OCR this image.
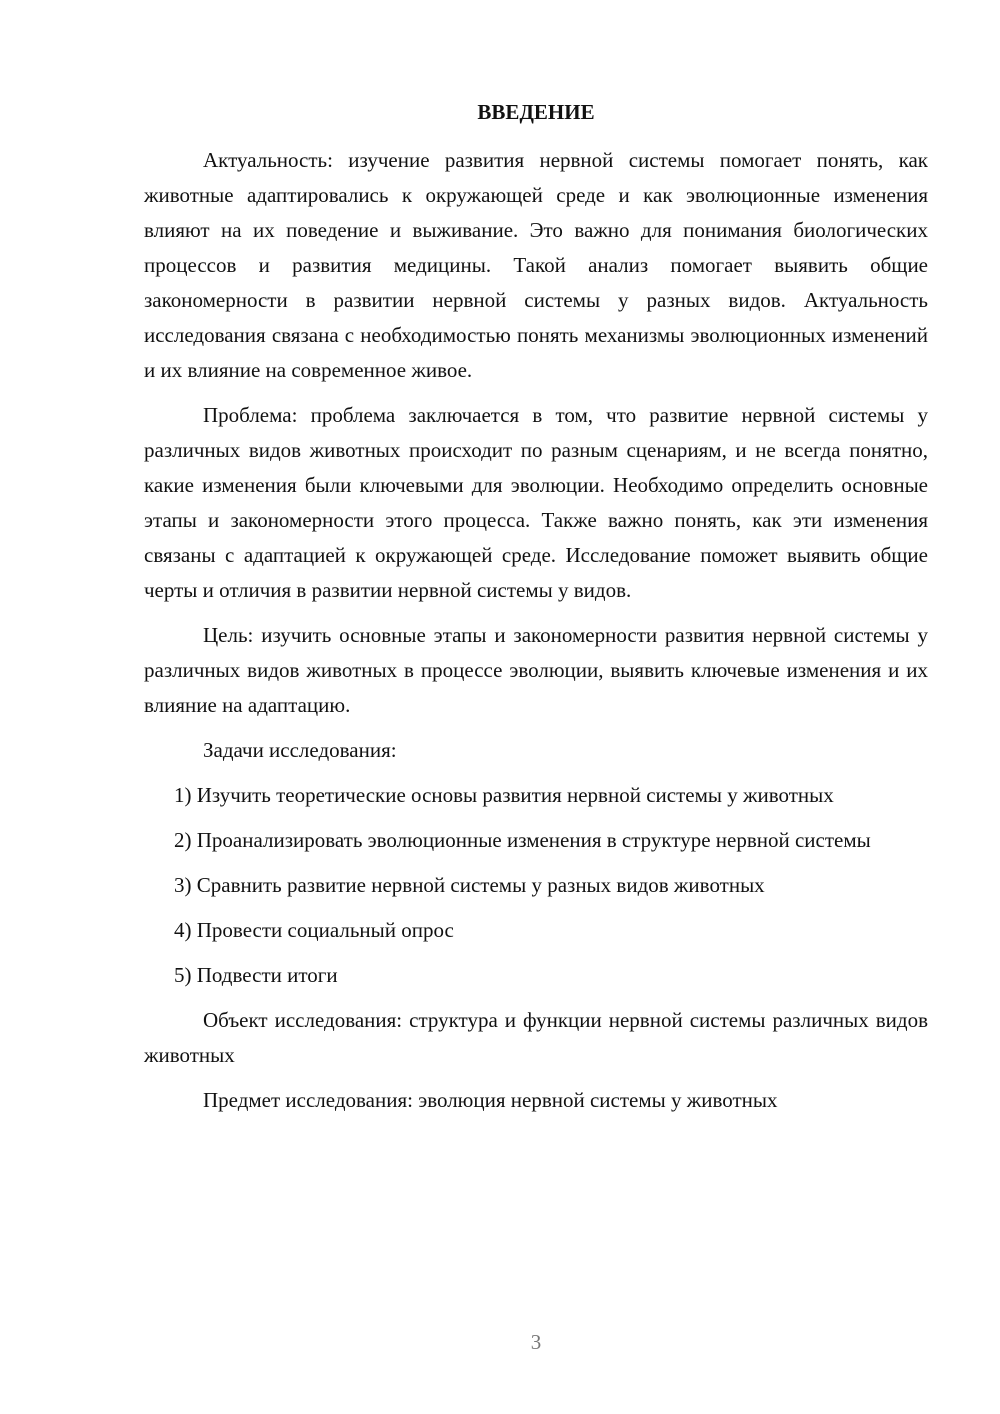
ВВЕДЕНИЕ

Актуальность: изучение развития нервной системы помогает понять, как животные адаптировались к окружающей среде и как эволюционные изменения влияют на их поведение и выживание. Это важно для понимания биологических процессов и развития медицины. Такой анализ помогает выявить общие закономерности в развитии нервной системы у разных видов. Актуальность исследования связана с необходимостью понять механизмы эволюционных изменений и их влияние на современное живое.

Проблема: проблема заключается в том, что развитие нервной системы у различных видов животных происходит по разным сценариям, и не всегда понятно, какие изменения были ключевыми для эволюции. Необходимо определить основные этапы и закономерности этого процесса. Также важно понять, как эти изменения связаны с адаптацией к окружающей среде. Исследование поможет выявить общие черты и отличия в развитии нервной системы у видов.

Цель: изучить основные этапы и закономерности развития нервной системы у различных видов животных в процессе эволюции, выявить ключевые изменения и их влияние на адаптацию.

Задачи исследования:

1) Изучить теоретические основы развития нервной системы у животных

2) Проанализировать эволюционные изменения в структуре нервной системы

3) Сравнить развитие нервной системы у разных видов животных

4) Провести социальный опрос

5) Подвести итоги

Объект исследования: структура и функции нервной системы различных видов животных

Предмет исследования: эволюция нервной системы у животных

3
